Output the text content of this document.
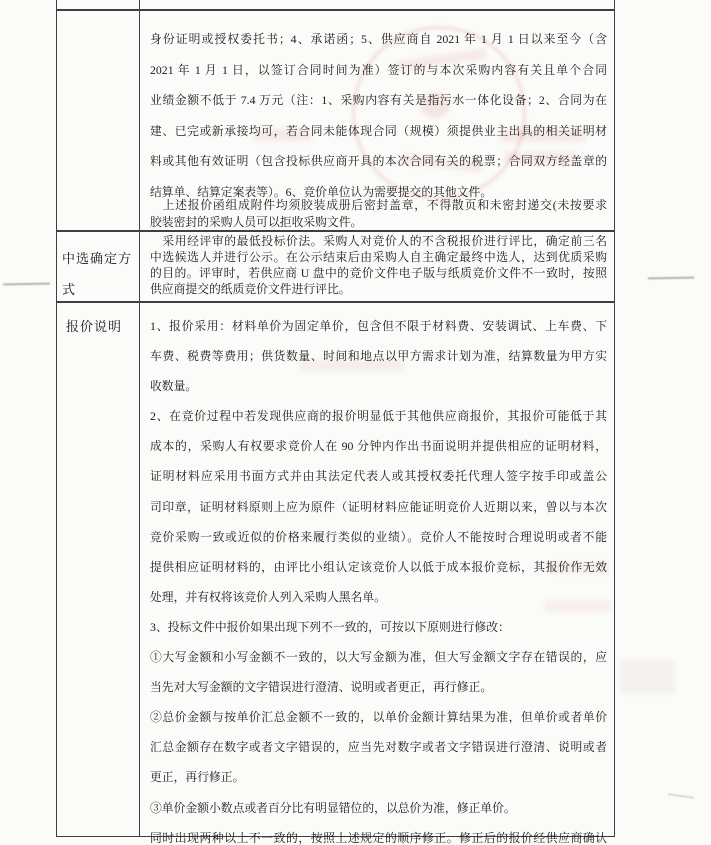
中选确定方式
报价说明
身份证明或授权委托书；4、承诺函；5、供应商自 2021 年 1 月 1 日以来至今（含
2021 年 1 月 1 日，以签订合同时间为准）签订的与本次采购内容有关且单个合同
业绩金额不低于 7.4 万元（注：1、采购内容有关是指污水一体化设备；2、合同为在
建、已完或新承接均可，若合同未能体现合同（规模）须提供业主出具的相关证明材
料或其他有效证明（包含投标供应商开具的本次合同有关的税票；合同双方经盖章的
结算单、结算定案表等）。6、竞价单位认为需要提交的其他文件。
　上述报价函组成附件均须胶装成册后密封盖章，不得散页和未密封递交(未按要求
胶装密封的采购人员可以拒收采购文件。
　采用经评审的最低投标价法。采购人对竞价人的不含税报价进行评比，确定前三名
中选候选人并进行公示。在公示结束后由采购人自主确定最终中选人，达到优质采购
的目的。评审时，若供应商 U 盘中的竞价文件电子版与纸质竞价文件不一致时，按照
供应商提交的纸质竞价文件进行评比。
1、报价采用：材料单价为固定单价，包含但不限于材料费、安装调试、上车费、下
车费、税费等费用；供货数量、时间和地点以甲方需求计划为准，结算数量为甲方实
收数量。
2、在竞价过程中若发现供应商的报价明显低于其他供应商报价，其报价可能低于其
成本的，采购人有权要求竞价人在 90 分钟内作出书面说明并提供相应的证明材料，
证明材料应采用书面方式并由其法定代表人或其授权委托代理人签字按手印或盖公
司印章，证明材料原则上应为原件（证明材料应能证明竞价人近期以来，曾以与本次
竞价采购一致或近似的价格来履行类似的业绩）。竞价人不能按时合理说明或者不能
提供相应证明材料的，由评比小组认定该竞价人以低于成本报价竞标，其报价作无效
处理，并有权将该竞价人列入采购人黑名单。
3、投标文件中报价如果出现下列不一致的，可按以下原则进行修改：
①大写金额和小写金额不一致的，以大写金额为准，但大写金额文字存在错误的，应
当先对大写金额的文字错误进行澄清、说明或者更正，再行修正。
②总价金额与按单价汇总金额不一致的，以单价金额计算结果为准，但单价或者单价
汇总金额存在数字或者文字错误的，应当先对数字或者文字错误进行澄清、说明或者
更正，再行修正。
③单价金额小数点或者百分比有明显错位的，以总价为准，修正单价。
同时出现两种以上不一致的，按照上述规定的顺序修正。修正后的报价经供应商确认
